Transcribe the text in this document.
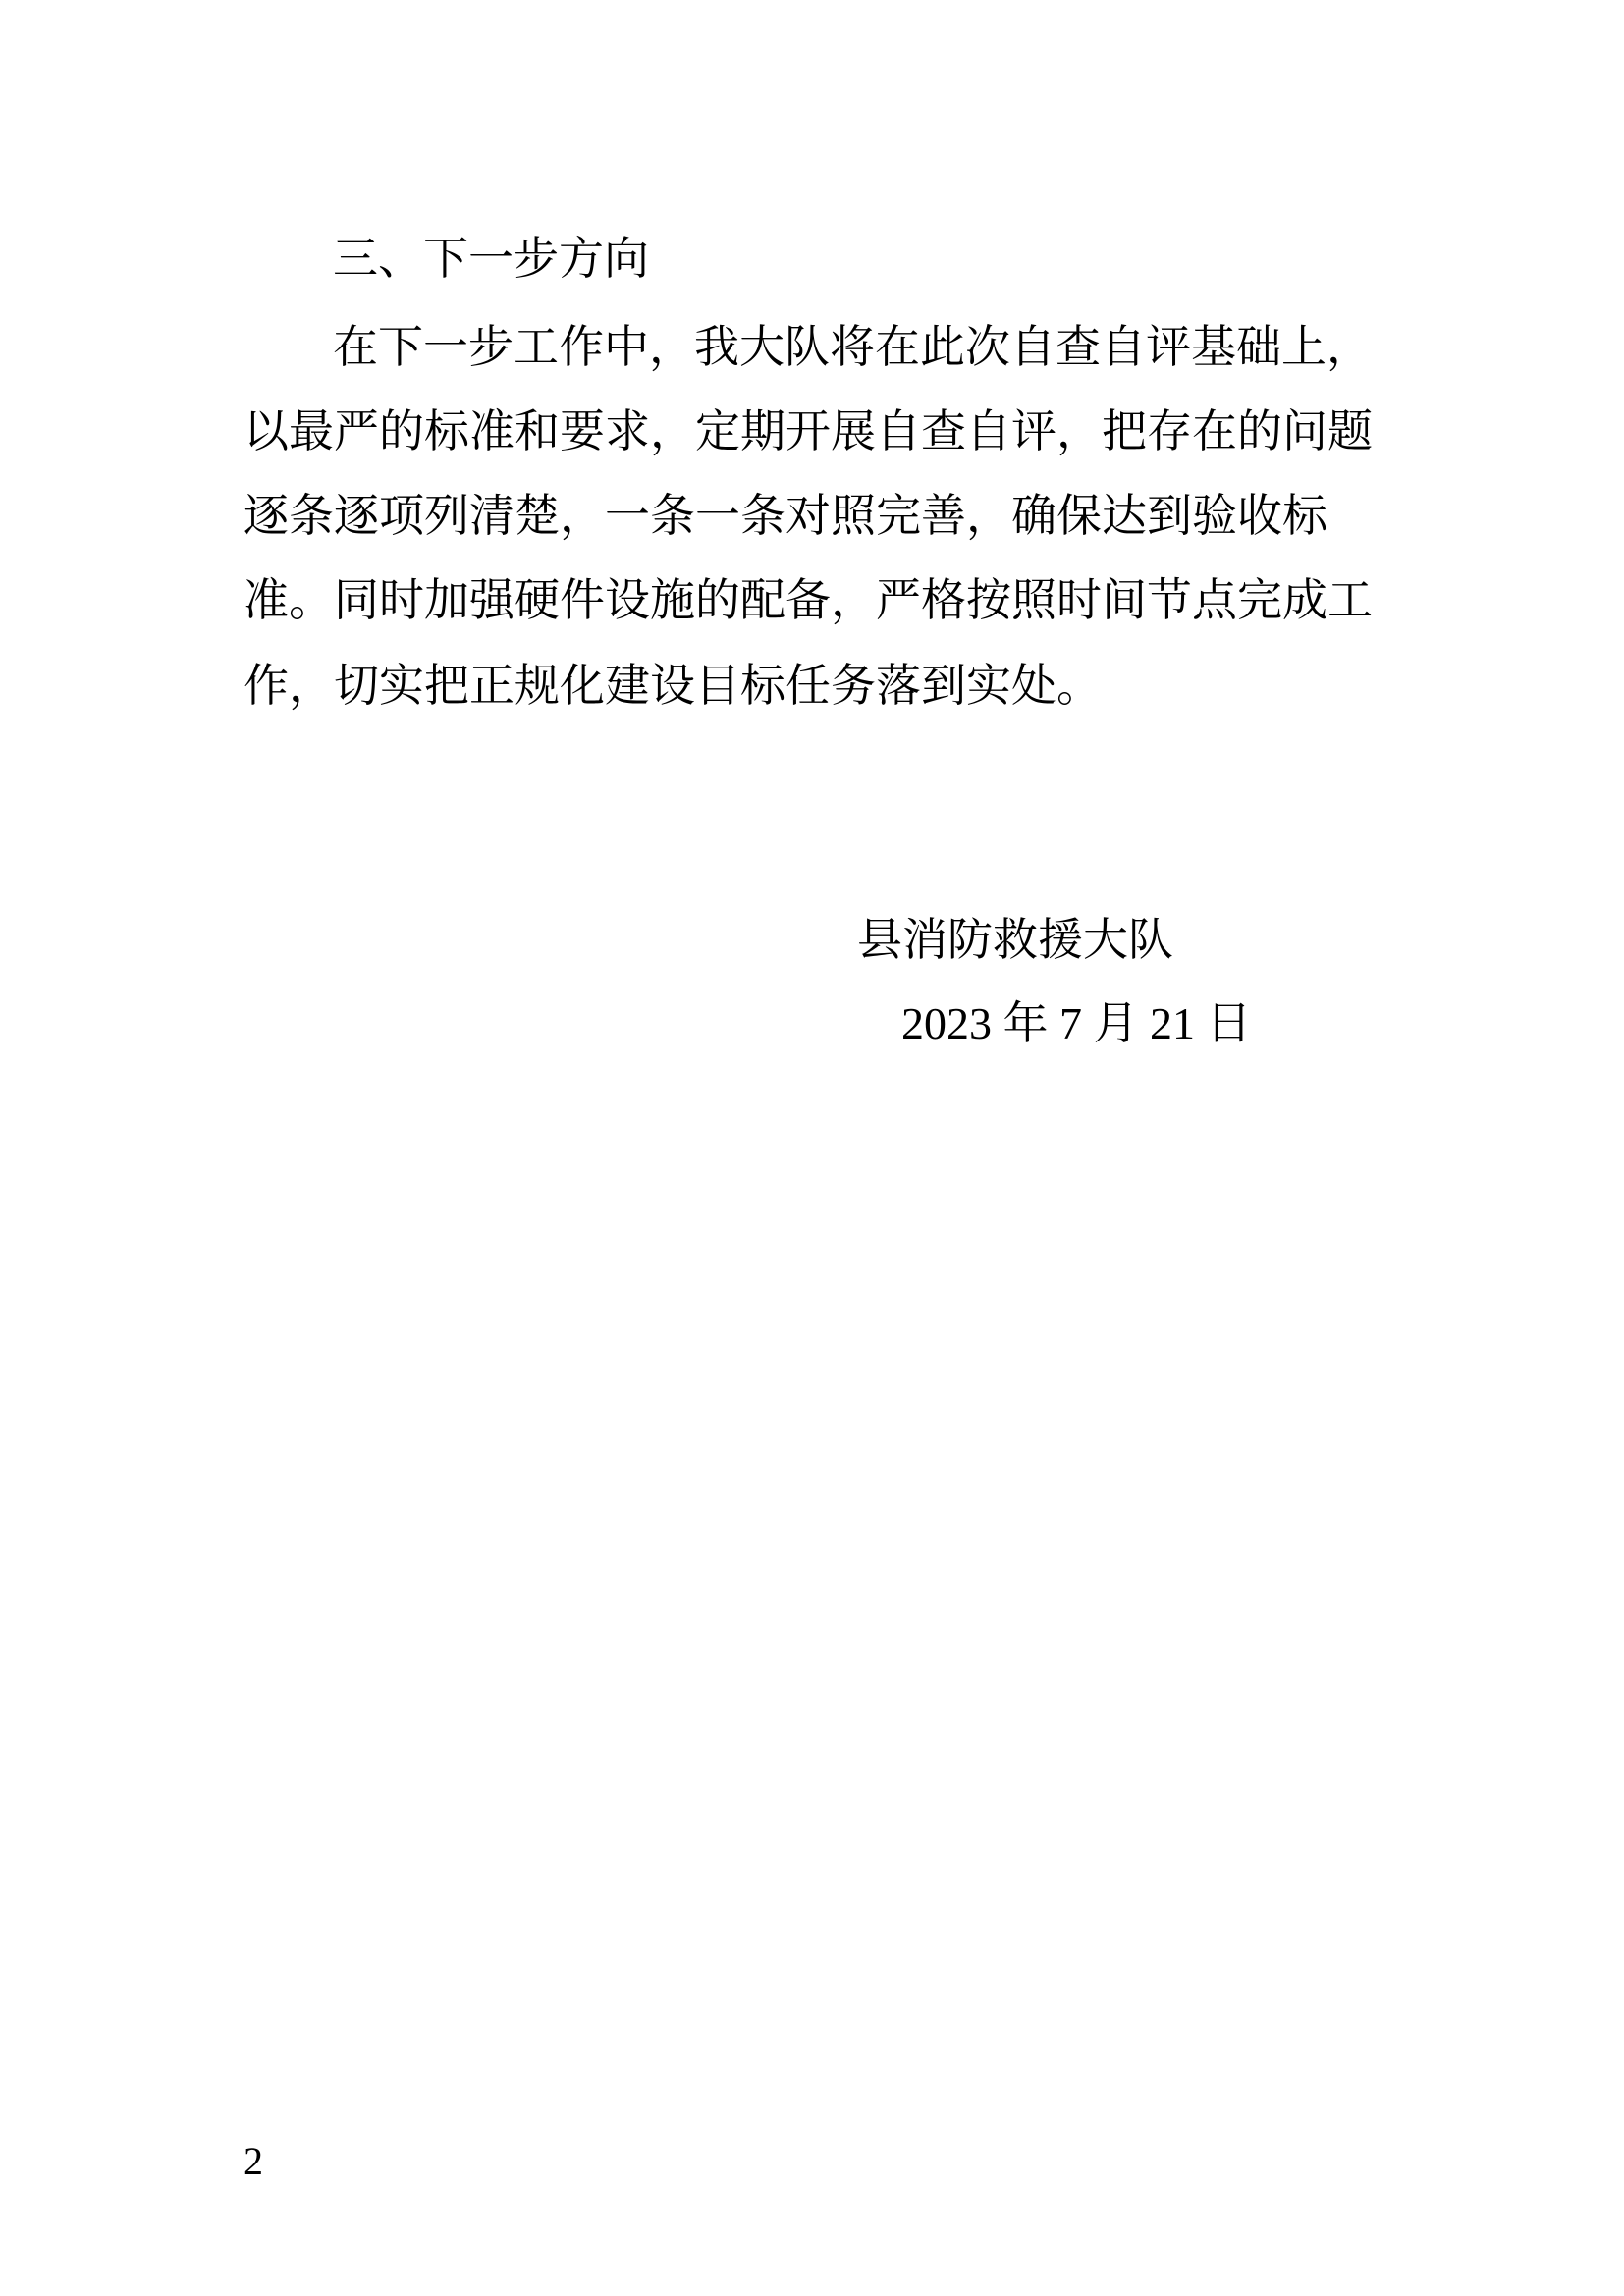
三、下一步方向
在下一步工作中，我大队将在此次自查自评基础上，
以最严的标准和要求，定期开展自查自评，把存在的问题
逐条逐项列清楚，一条一条对照完善，确保达到验收标
准。同时加强硬件设施的配备，严格按照时间节点完成工
作，切实把正规化建设目标任务落到实处。
县消防救援大队
2023 年 7 月 21 日
2
